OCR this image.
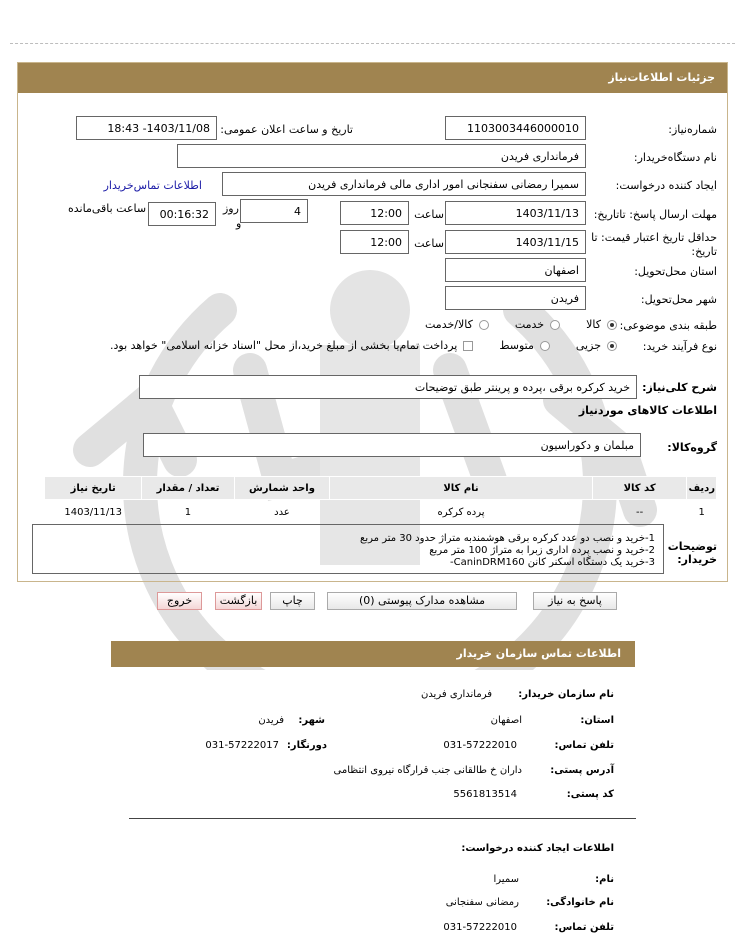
جزئیات اطلاعات‌نیاز
شماره‌نیاز:
1103003446000010
تاریخ و ساعت اعلان عمومی:
1403/11/08- 18:43
نام دستگاه‌خریدار:
فرمانداری فریدن
ایجاد کننده درخواست:
سمیرا رمضانی سفنجانی امور اداری مالی فرمانداری فریدن
اطلاعات تماس‌خریدار
مهلت ارسال پاسخ: تاتاریخ:
1403/11/13
ساعت
12:00
4
روز
و
00:16:32
ساعت باقی‌مانده
حداقل تاریخ اعتبار قیمت: تا
تاریخ:
1403/11/15
ساعت
12:00
استان محل‌تحویل:
اصفهان
شهر محل‌تحویل:
فریدن
طبقه بندی موضوعی:
کالا
خدمت
کالا/خدمت
نوع فرآیند خرید:
جزیی
متوسط
پرداخت تمام‌یا بخشی از مبلغ خرید،از محل "اسناد خزانه اسلامی" خواهد بود.
شرح کلی‌نیاز:
خرید کرکره برقی ،پرده و پرینتر طبق توضیحات
اطلاعات کالاهای موردنیاز
گروه‌کالا:
مبلمان و دکوراسیون
ردیف	کد کالا	نام کالا	واحد شمارش	تعداد / مقدار	تاریخ نیاز
1	--	پرده کرکره	عدد	1	1403/11/13
توضیحات
خریدار:
1-خرید و نصب دو عدد کرکره برقی هوشمندبه متراژ حدود 30 متر مربع
2-خرید و نصب پرده اداری زبرا به متراژ 100 متر مربع
3-خرید یک دستگاه اسکنر کانن CaninDRM160-
پاسخ به نیاز
مشاهده مدارک پیوستی (0)
چاپ
بازگشت
خروج
اطلاعات تماس سازمان خریدار
نام سازمان خریدار:
فرمانداری فریدن
استان:
اصفهان
شهر:
فریدن
تلفن تماس:
031-57222010
دورنگار:
031-57222017
آدرس پستی:
داران خ طالقانی جنب قرارگاه نیروی انتظامی
کد پستی:
5561813514
اطلاعات ایجاد کننده درخواست:
نام:
سمیرا
نام خانوادگی:
رمضانی سفنجانی
تلفن تماس:
031-57222010
